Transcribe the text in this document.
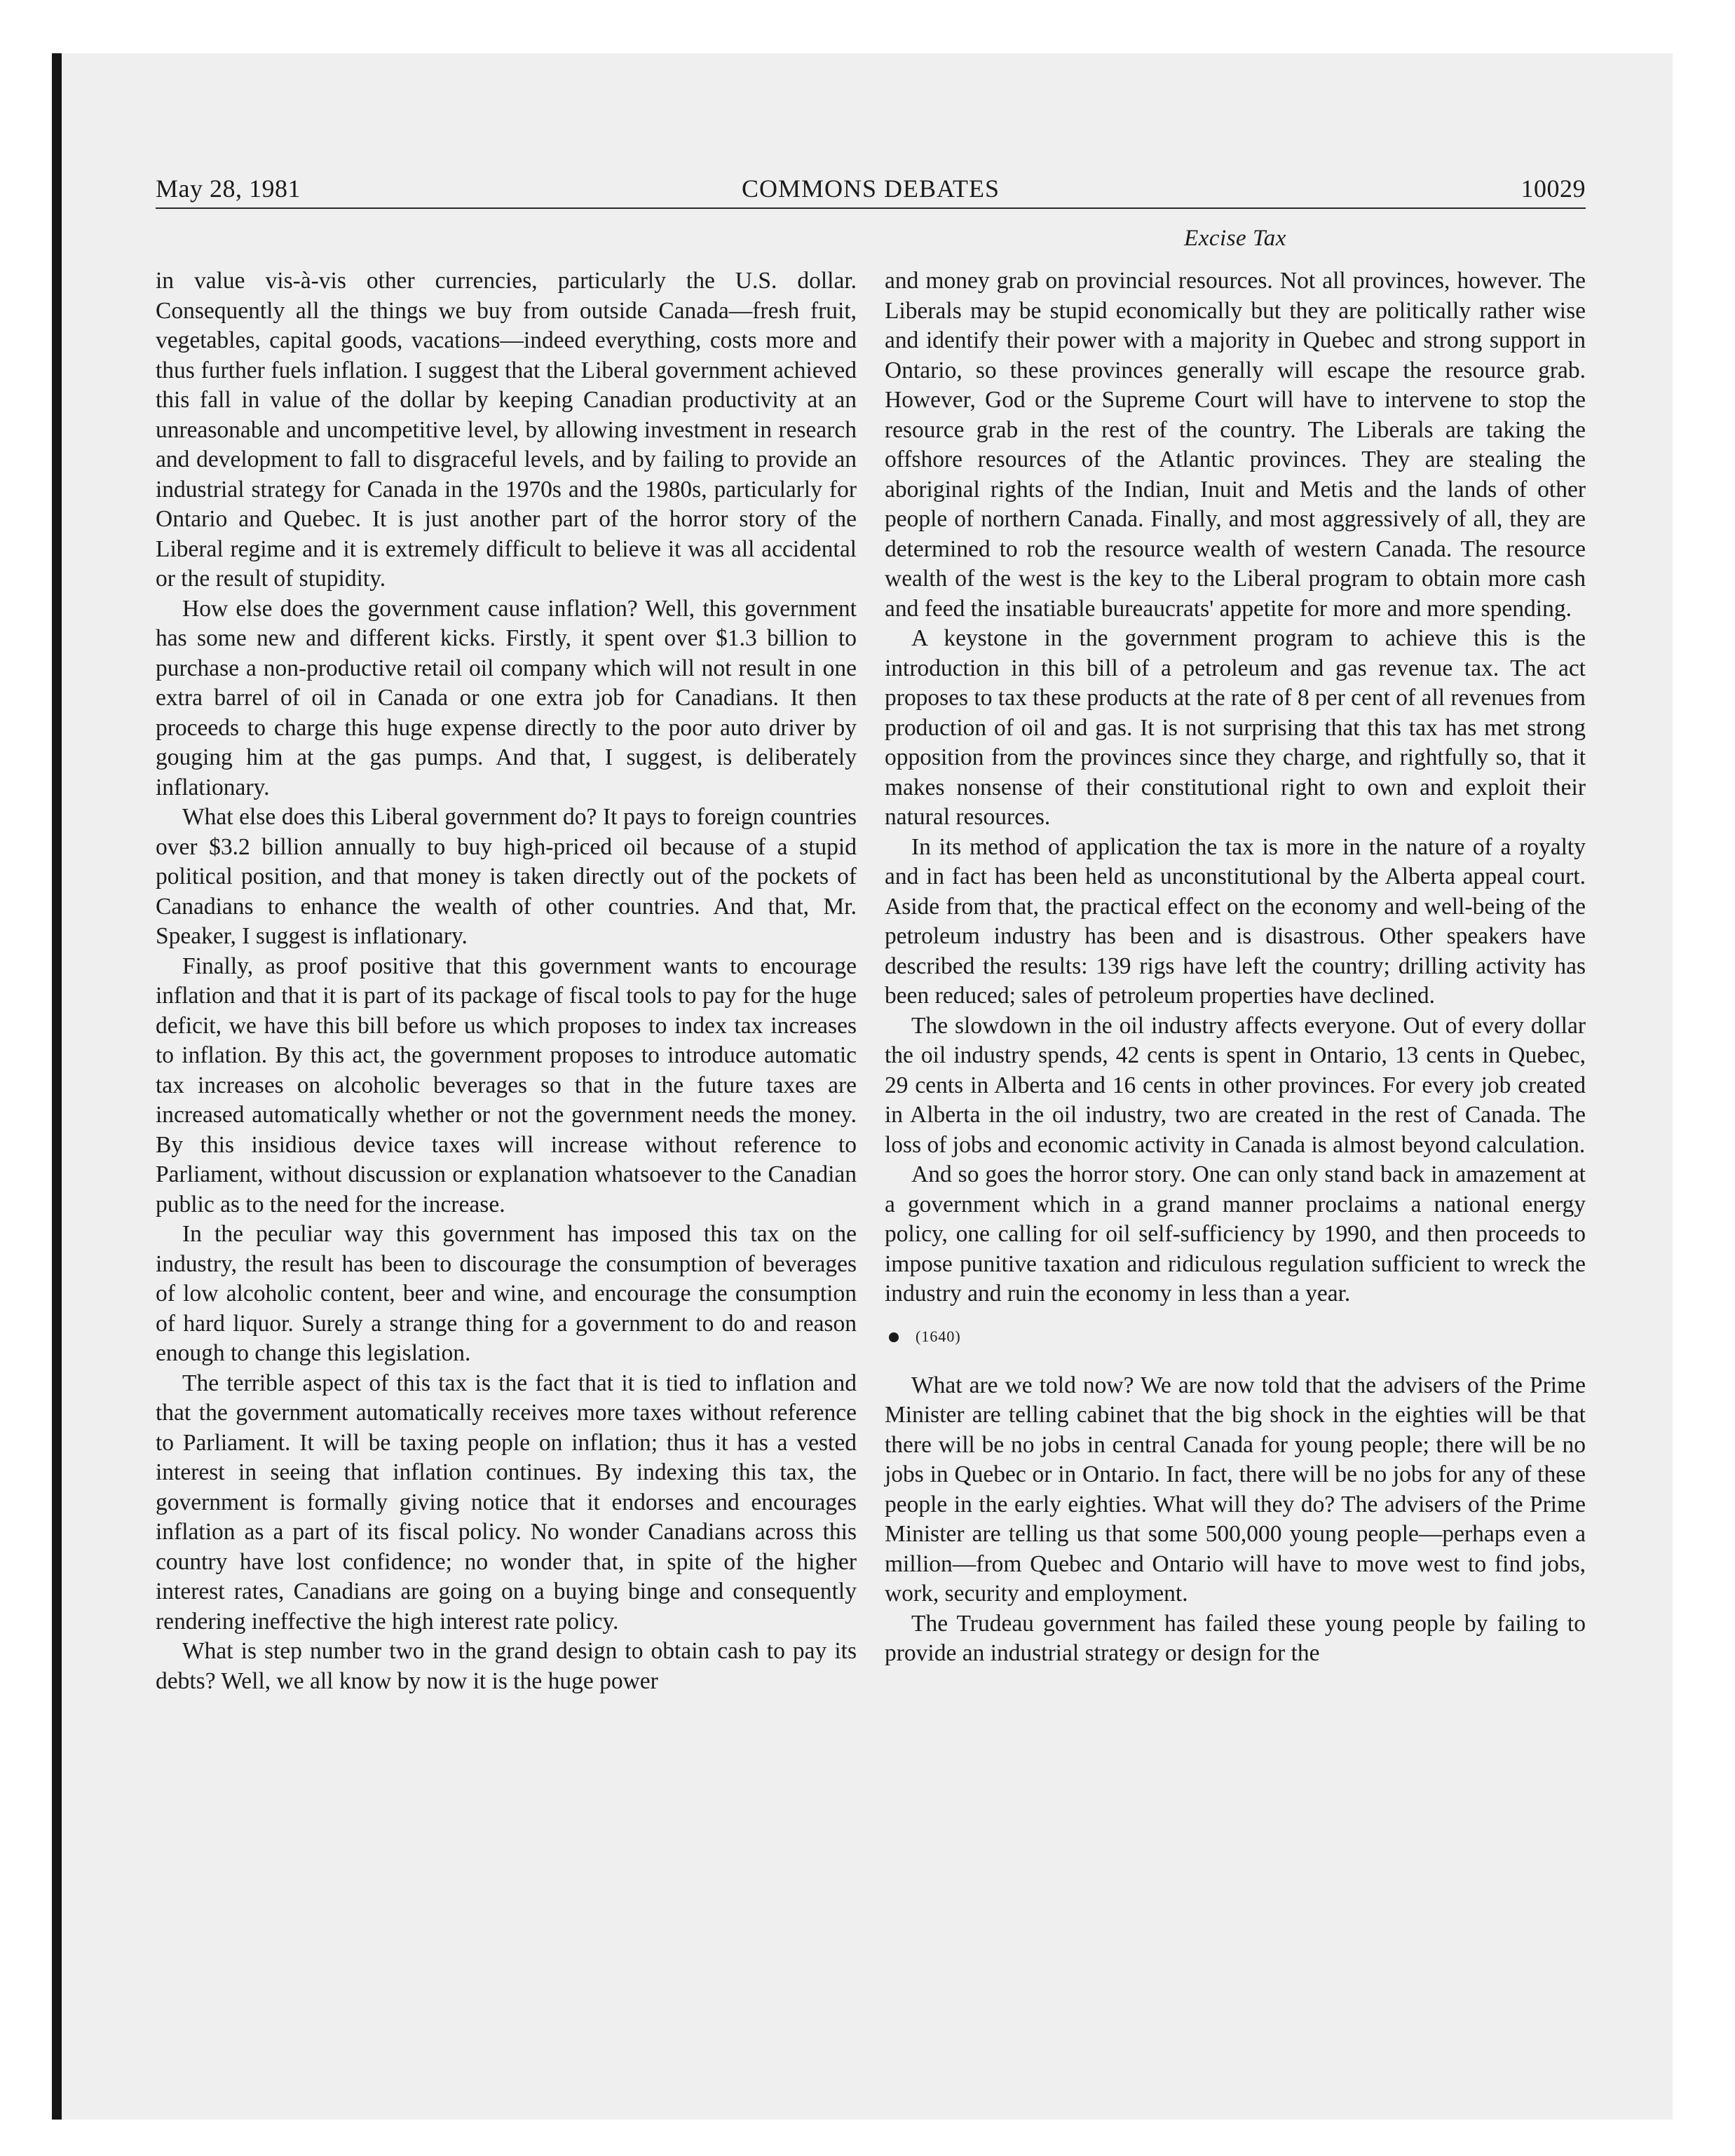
May 28, 1981	COMMONS DEBATES	10029
Excise Tax

in value vis-à-vis other currencies, particularly the U.S. dollar. Consequently all the things we buy from outside Canada—fresh fruit, vegetables, capital goods, vacations—indeed everything, costs more and thus further fuels inflation. I suggest that the Liberal government achieved this fall in value of the dollar by keeping Canadian productivity at an unreasonable and uncompetitive level, by allowing investment in research and development to fall to disgraceful levels, and by failing to provide an industrial strategy for Canada in the 1970s and the 1980s, particularly for Ontario and Quebec. It is just another part of the horror story of the Liberal regime and it is extremely difficult to believe it was all accidental or the result of stupidity.

How else does the government cause inflation? Well, this government has some new and different kicks. Firstly, it spent over $1.3 billion to purchase a non-productive retail oil company which will not result in one extra barrel of oil in Canada or one extra job for Canadians. It then proceeds to charge this huge expense directly to the poor auto driver by gouging him at the gas pumps. And that, I suggest, is deliberately inflationary.

What else does this Liberal government do? It pays to foreign countries over $3.2 billion annually to buy high-priced oil because of a stupid political position, and that money is taken directly out of the pockets of Canadians to enhance the wealth of other countries. And that, Mr. Speaker, I suggest is inflationary.

Finally, as proof positive that this government wants to encourage inflation and that it is part of its package of fiscal tools to pay for the huge deficit, we have this bill before us which proposes to index tax increases to inflation. By this act, the government proposes to introduce automatic tax increases on alcoholic beverages so that in the future taxes are increased automatically whether or not the government needs the money. By this insidious device taxes will increase without reference to Parliament, without discussion or explanation whatsoever to the Canadian public as to the need for the increase.

In the peculiar way this government has imposed this tax on the industry, the result has been to discourage the consumption of beverages of low alcoholic content, beer and wine, and encourage the consumption of hard liquor. Surely a strange thing for a government to do and reason enough to change this legislation.

The terrible aspect of this tax is the fact that it is tied to inflation and that the government automatically receives more taxes without reference to Parliament. It will be taxing people on inflation; thus it has a vested interest in seeing that inflation continues. By indexing this tax, the government is formally giving notice that it endorses and encourages inflation as a part of its fiscal policy. No wonder Canadians across this country have lost confidence; no wonder that, in spite of the higher interest rates, Canadians are going on a buying binge and consequently rendering ineffective the high interest rate policy.

What is step number two in the grand design to obtain cash to pay its debts? Well, we all know by now it is the huge power

and money grab on provincial resources. Not all provinces, however. The Liberals may be stupid economically but they are politically rather wise and identify their power with a majority in Quebec and strong support in Ontario, so these provinces generally will escape the resource grab. However, God or the Supreme Court will have to intervene to stop the resource grab in the rest of the country. The Liberals are taking the offshore resources of the Atlantic provinces. They are stealing the aboriginal rights of the Indian, Inuit and Metis and the lands of other people of northern Canada. Finally, and most aggressively of all, they are determined to rob the resource wealth of western Canada. The resource wealth of the west is the key to the Liberal program to obtain more cash and feed the insatiable bureaucrats' appetite for more and more spending.

A keystone in the government program to achieve this is the introduction in this bill of a petroleum and gas revenue tax. The act proposes to tax these products at the rate of 8 per cent of all revenues from production of oil and gas. It is not surprising that this tax has met strong opposition from the provinces since they charge, and rightfully so, that it makes nonsense of their constitutional right to own and exploit their natural resources.

In its method of application the tax is more in the nature of a royalty and in fact has been held as unconstitutional by the Alberta appeal court. Aside from that, the practical effect on the economy and well-being of the petroleum industry has been and is disastrous. Other speakers have described the results: 139 rigs have left the country; drilling activity has been reduced; sales of petroleum properties have declined.

The slowdown in the oil industry affects everyone. Out of every dollar the oil industry spends, 42 cents is spent in Ontario, 13 cents in Quebec, 29 cents in Alberta and 16 cents in other provinces. For every job created in Alberta in the oil industry, two are created in the rest of Canada. The loss of jobs and economic activity in Canada is almost beyond calculation.

And so goes the horror story. One can only stand back in amazement at a government which in a grand manner proclaims a national energy policy, one calling for oil self-sufficiency by 1990, and then proceeds to impose punitive taxation and ridiculous regulation sufficient to wreck the industry and ruin the economy in less than a year.

(1640)

What are we told now? We are now told that the advisers of the Prime Minister are telling cabinet that the big shock in the eighties will be that there will be no jobs in central Canada for young people; there will be no jobs in Quebec or in Ontario. In fact, there will be no jobs for any of these people in the early eighties. What will they do? The advisers of the Prime Minister are telling us that some 500,000 young people—perhaps even a million—from Quebec and Ontario will have to move west to find jobs, work, security and employment.

The Trudeau government has failed these young people by failing to provide an industrial strategy or design for the
